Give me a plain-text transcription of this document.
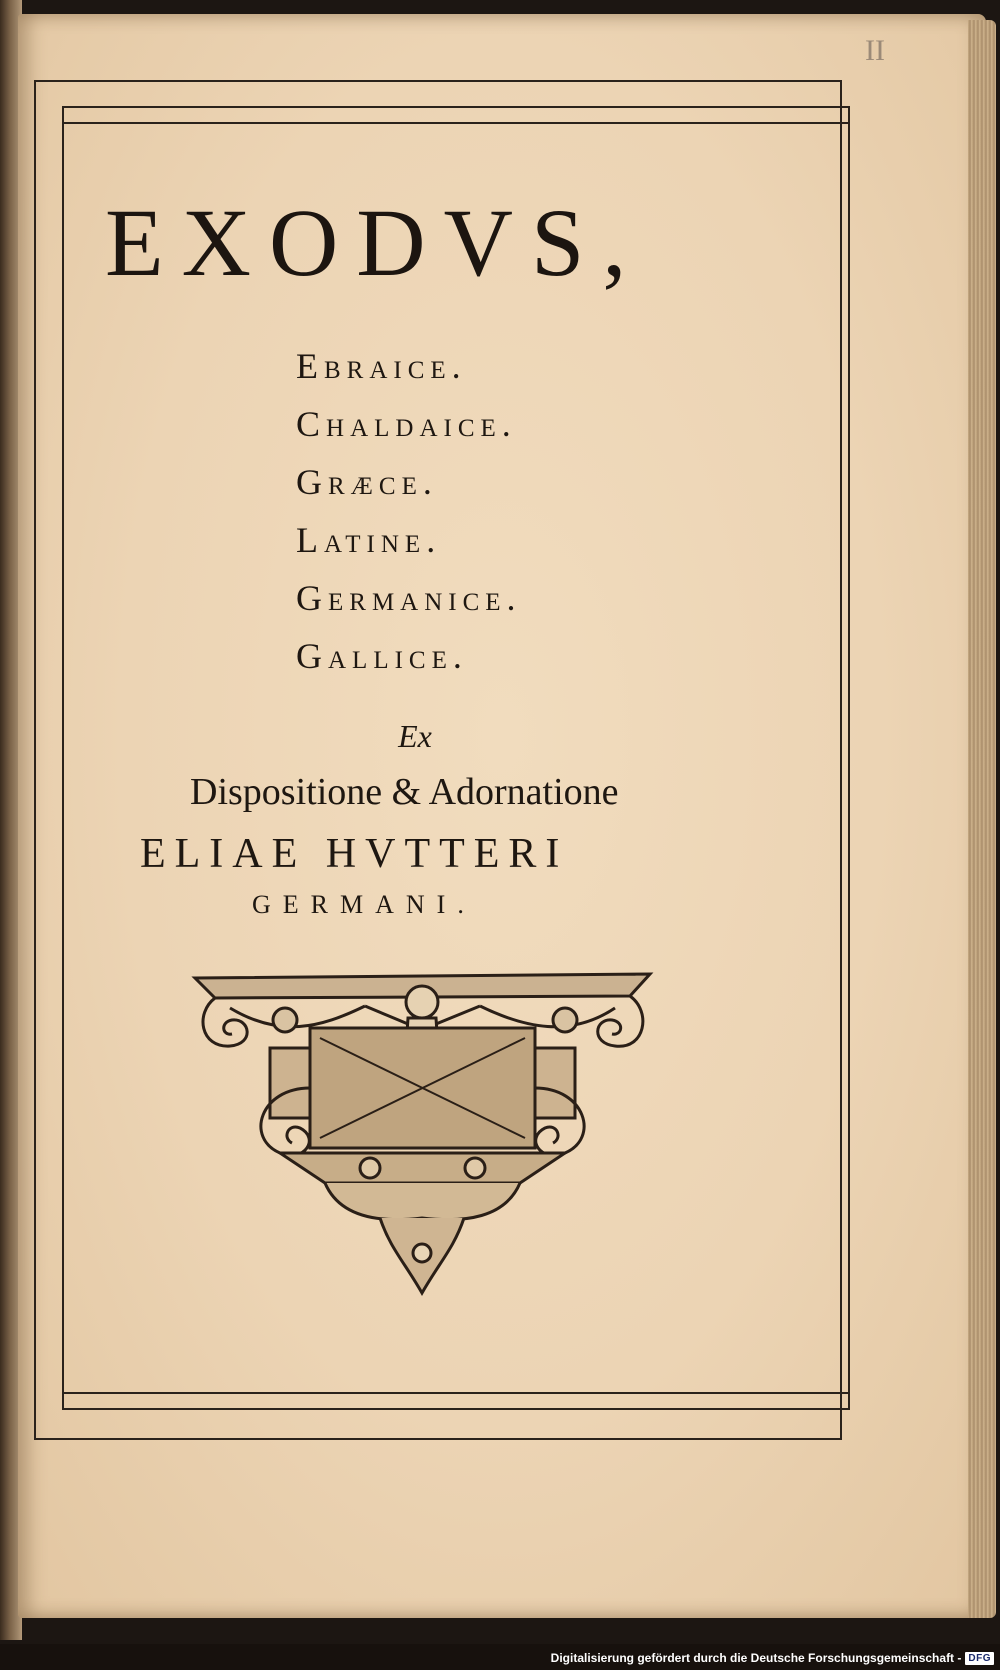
II
EXODVS,
Ebraice.
Chaldaice.
Græce.
Latine.
Germanice.
Gallice.
Ex
Dispositione & Adornatione
ELIAE HVTTERI
GERMANI.
Digitalisierung gefördert durch die Deutsche Forschungsgemeinschaft - DFG
